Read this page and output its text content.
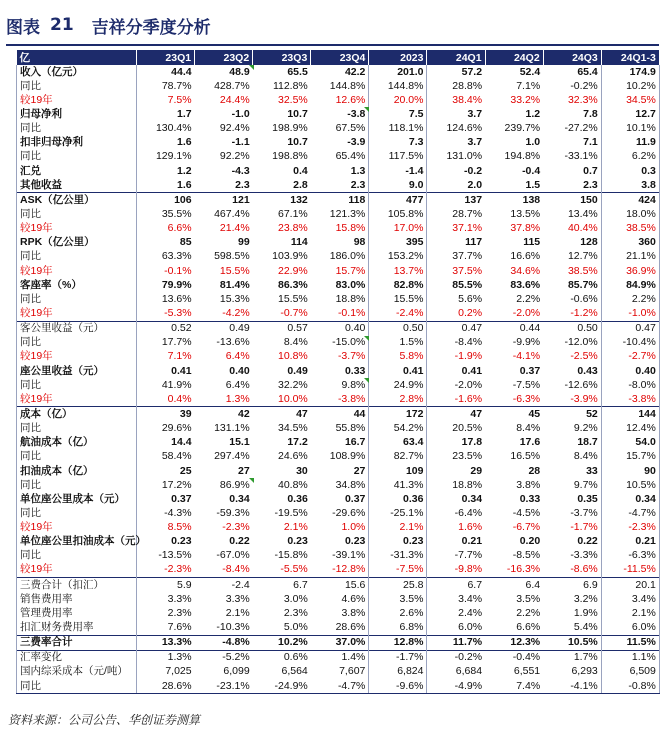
图表 21 吉祥分季度分析
亿	23Q1	23Q2	23Q3	23Q4	2023	24Q1	24Q2	24Q3	24Q1-3
收入（亿元）	44.4	48.9	65.5	42.2	201.0	57.2	52.4	65.4	174.9
同比	78.7%	428.7%	112.8%	144.8%	144.8%	28.8%	7.1%	-0.2%	10.2%
较19年	7.5%	24.4%	32.5%	12.6%	20.0%	38.4%	33.2%	32.3%	34.5%
归母净利	1.7	-1.0	10.7	-3.8	7.5	3.7	1.2	7.8	12.7
同比	130.4%	92.4%	198.9%	67.5%	118.1%	124.6%	239.7%	-27.2%	10.1%
扣非归母净利	1.6	-1.1	10.7	-3.9	7.3	3.7	1.0	7.1	11.9
同比	129.1%	92.2%	198.8%	65.4%	117.5%	131.0%	194.8%	-33.1%	6.2%
汇兑	1.2	-4.3	0.4	1.3	-1.4	-0.2	-0.4	0.7	0.3
其他收益	1.6	2.3	2.8	2.3	9.0	2.0	1.5	2.3	3.8
ASK（亿公里）	106	121	132	118	477	137	138	150	424
同比	35.5%	467.4%	67.1%	121.3%	105.8%	28.7%	13.5%	13.4%	18.0%
较19年	6.6%	21.4%	23.8%	15.8%	17.0%	37.1%	37.8%	40.4%	38.5%
RPK（亿公里）	85	99	114	98	395	117	115	128	360
同比	63.3%	598.5%	103.9%	186.0%	153.2%	37.7%	16.6%	12.7%	21.1%
较19年	-0.1%	15.5%	22.9%	15.7%	13.7%	37.5%	34.6%	38.5%	36.9%
客座率（%）	79.9%	81.4%	86.3%	83.0%	82.8%	85.5%	83.6%	85.7%	84.9%
同比	13.6%	15.3%	15.5%	18.8%	15.5%	5.6%	2.2%	-0.6%	2.2%
较19年	-5.3%	-4.2%	-0.7%	-0.1%	-2.4%	0.2%	-2.0%	-1.2%	-1.0%
客公里收益（元）	0.52	0.49	0.57	0.40	0.50	0.47	0.44	0.50	0.47
同比	17.7%	-13.6%	8.4%	-15.0%	1.5%	-8.4%	-9.9%	-12.0%	-10.4%
较19年	7.1%	6.4%	10.8%	-3.7%	5.8%	-1.9%	-4.1%	-2.5%	-2.7%
座公里收益（元）	0.41	0.40	0.49	0.33	0.41	0.41	0.37	0.43	0.40
同比	41.9%	6.4%	32.2%	9.8%	24.9%	-2.0%	-7.5%	-12.6%	-8.0%
较19年	0.4%	1.3%	10.0%	-3.8%	2.8%	-1.6%	-6.3%	-3.9%	-3.8%
成本（亿）	39	42	47	44	172	47	45	52	144
同比	29.6%	131.1%	34.5%	55.8%	54.2%	20.5%	8.4%	9.2%	12.4%
航油成本（亿）	14.4	15.1	17.2	16.7	63.4	17.8	17.6	18.7	54.0
同比	58.4%	297.4%	24.6%	108.9%	82.7%	23.5%	16.5%	8.4%	15.7%
扣油成本（亿）	25	27	30	27	109	29	28	33	90
同比	17.2%	86.9%	40.8%	34.8%	41.3%	18.8%	3.8%	9.7%	10.5%
单位座公里成本（元）	0.37	0.34	0.36	0.37	0.36	0.34	0.33	0.35	0.34
同比	-4.3%	-59.3%	-19.5%	-29.6%	-25.1%	-6.4%	-4.5%	-3.7%	-4.7%
较19年	8.5%	-2.3%	2.1%	1.0%	2.1%	1.6%	-6.7%	-1.7%	-2.3%
单位座公里扣油成本（元）	0.23	0.22	0.23	0.23	0.23	0.21	0.20	0.22	0.21
同比	-13.5%	-67.0%	-15.8%	-39.1%	-31.3%	-7.7%	-8.5%	-3.3%	-6.3%
较19年	-2.3%	-8.4%	-5.5%	-12.8%	-7.5%	-9.8%	-16.3%	-8.6%	-11.5%
三费合计（扣汇）	5.9	-2.4	6.7	15.6	25.8	6.7	6.4	6.9	20.1
销售费用率	3.3%	3.3%	3.0%	4.6%	3.5%	3.4%	3.5%	3.2%	3.4%
管理费用率	2.3%	2.1%	2.3%	3.8%	2.6%	2.4%	2.2%	1.9%	2.1%
扣汇财务费用率	7.6%	-10.3%	5.0%	28.6%	6.8%	6.0%	6.6%	5.4%	6.0%
三费率合计	13.3%	-4.8%	10.2%	37.0%	12.8%	11.7%	12.3%	10.5%	11.5%
汇率变化	1.3%	-5.2%	0.6%	1.4%	-1.7%	-0.2%	-0.4%	1.7%	1.1%
国内综采成本（元/吨）	7,025	6,099	6,564	7,607	6,824	6,684	6,551	6,293	6,509
同比	28.6%	-23.1%	-24.9%	-4.7%	-9.6%	-4.9%	7.4%	-4.1%	-0.8%
资料来源：公司公告、华创证券测算
